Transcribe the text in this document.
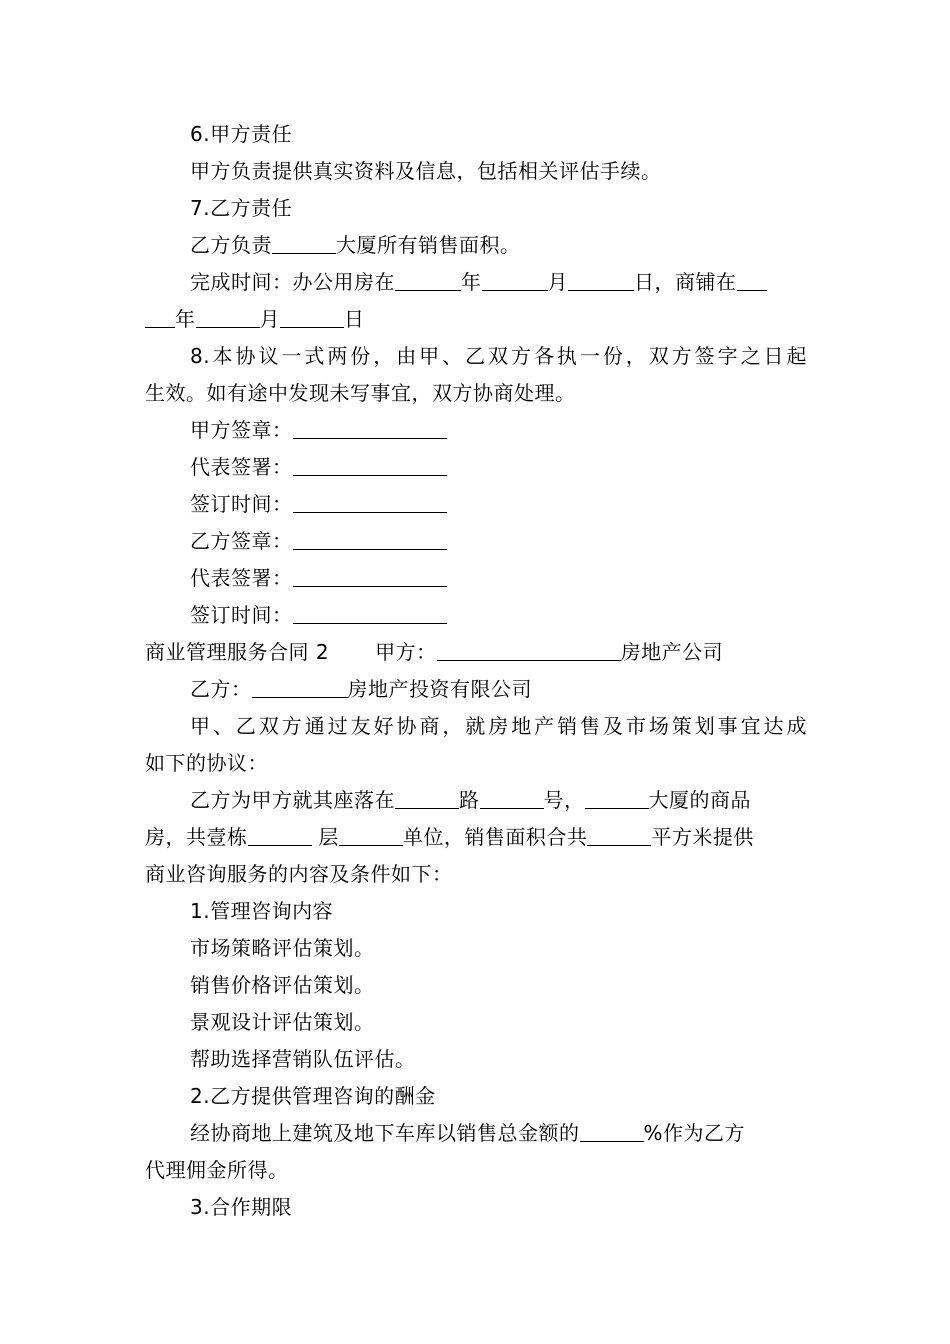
6.甲方责任
甲方负责提供真实资料及信息，包括相关评估手续。
7.乙方责任
乙方负责	大厦所有销售面积。
完成时间：办公用房在	年	月	日，商铺在
年	月	日
8.本协议一式两份，由甲、乙双方各执一份，双方签字之日起
生效。如有途中发现未写事宜，双方协商处理。
甲方签章：
代表签署：
签订时间：
乙方签章：
代表签署：
签订时间：
商业管理服务合同 2 甲方：	房地产公司
乙方：	房地产投资有限公司
甲、乙双方通过友好协商，就房地产销售及市场策划事宜达成
如下的协议：
乙方为甲方就其座落在	路	号，	大厦的商品
房，共壹栋	层	单位，销售面积合共	平方米提供
商业咨询服务的内容及条件如下：
1.管理咨询内容
市场策略评估策划。
销售价格评估策划。
景观设计评估策划。
帮助选择营销队伍评估。
2.乙方提供管理咨询的酬金
经协商地上建筑及地下车库以销售总金额的	%作为乙方
代理佣金所得。
3.合作期限
